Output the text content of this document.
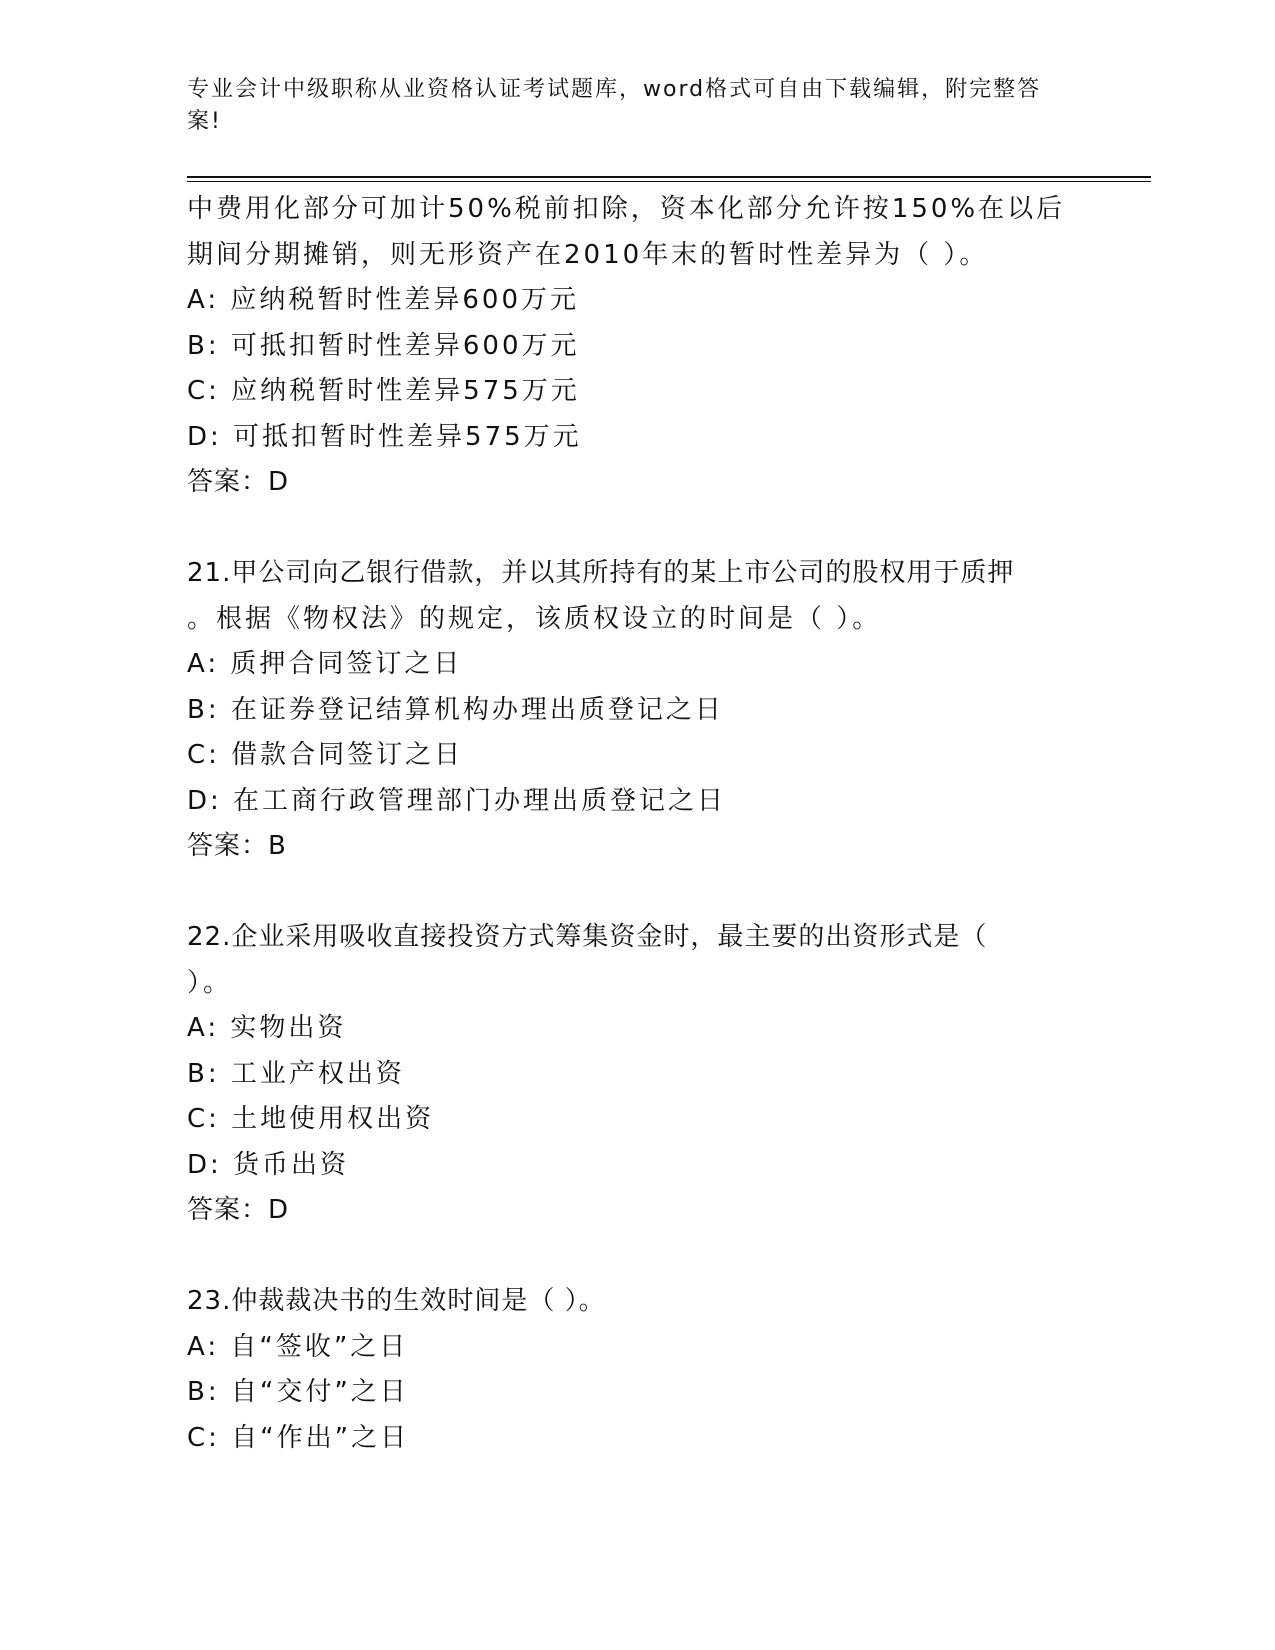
专业会计中级职称从业资格认证考试题库，word格式可自由下载编辑，附完整答
案!
中费用化部分可加计50%税前扣除，资本化部分允许按150%在以后
期间分期摊销，则无形资产在2010年末的暂时性差异为（ ）。
A: 应纳税暂时性差异600万元
B: 可抵扣暂时性差异600万元
C: 应纳税暂时性差异575万元
D: 可抵扣暂时性差异575万元
答案：D
21.甲公司向乙银行借款，并以其所持有的某上市公司的股权用于质押
。根据《物权法》的规定，该质权设立的时间是（ ）。
A: 质押合同签订之日
B: 在证券登记结算机构办理出质登记之日
C: 借款合同签订之日
D: 在工商行政管理部门办理出质登记之日
答案：B
22.企业采用吸收直接投资方式筹集资金时，最主要的出资形式是（
）。
A: 实物出资
B: 工业产权出资
C: 土地使用权出资
D: 货币出资
答案：D
23.仲裁裁决书的生效时间是（ ）。
A: 自“签收”之日
B: 自“交付”之日
C: 自“作出”之日
